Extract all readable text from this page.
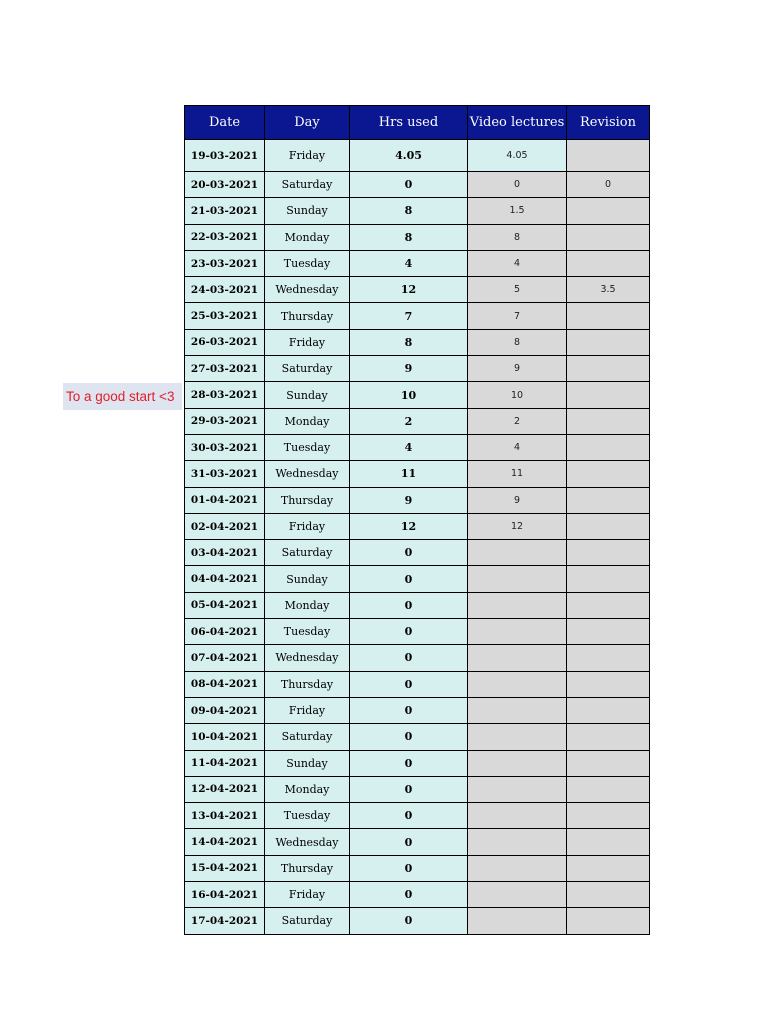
To a good start <3
Date	Day	Hrs used	Video lectures	Revision
19-03-2021	Friday	4.05	4.05	
20-03-2021	Saturday	0	0	0
21-03-2021	Sunday	8	1.5	
22-03-2021	Monday	8	8	
23-03-2021	Tuesday	4	4	
24-03-2021	Wednesday	12	5	3.5
25-03-2021	Thursday	7	7	
26-03-2021	Friday	8	8	
27-03-2021	Saturday	9	9	
28-03-2021	Sunday	10	10	
29-03-2021	Monday	2	2	
30-03-2021	Tuesday	4	4	
31-03-2021	Wednesday	11	11	
01-04-2021	Thursday	9	9	
02-04-2021	Friday	12	12	
03-04-2021	Saturday	0		
04-04-2021	Sunday	0		
05-04-2021	Monday	0		
06-04-2021	Tuesday	0		
07-04-2021	Wednesday	0		
08-04-2021	Thursday	0		
09-04-2021	Friday	0		
10-04-2021	Saturday	0		
11-04-2021	Sunday	0		
12-04-2021	Monday	0		
13-04-2021	Tuesday	0		
14-04-2021	Wednesday	0		
15-04-2021	Thursday	0		
16-04-2021	Friday	0		
17-04-2021	Saturday	0		
